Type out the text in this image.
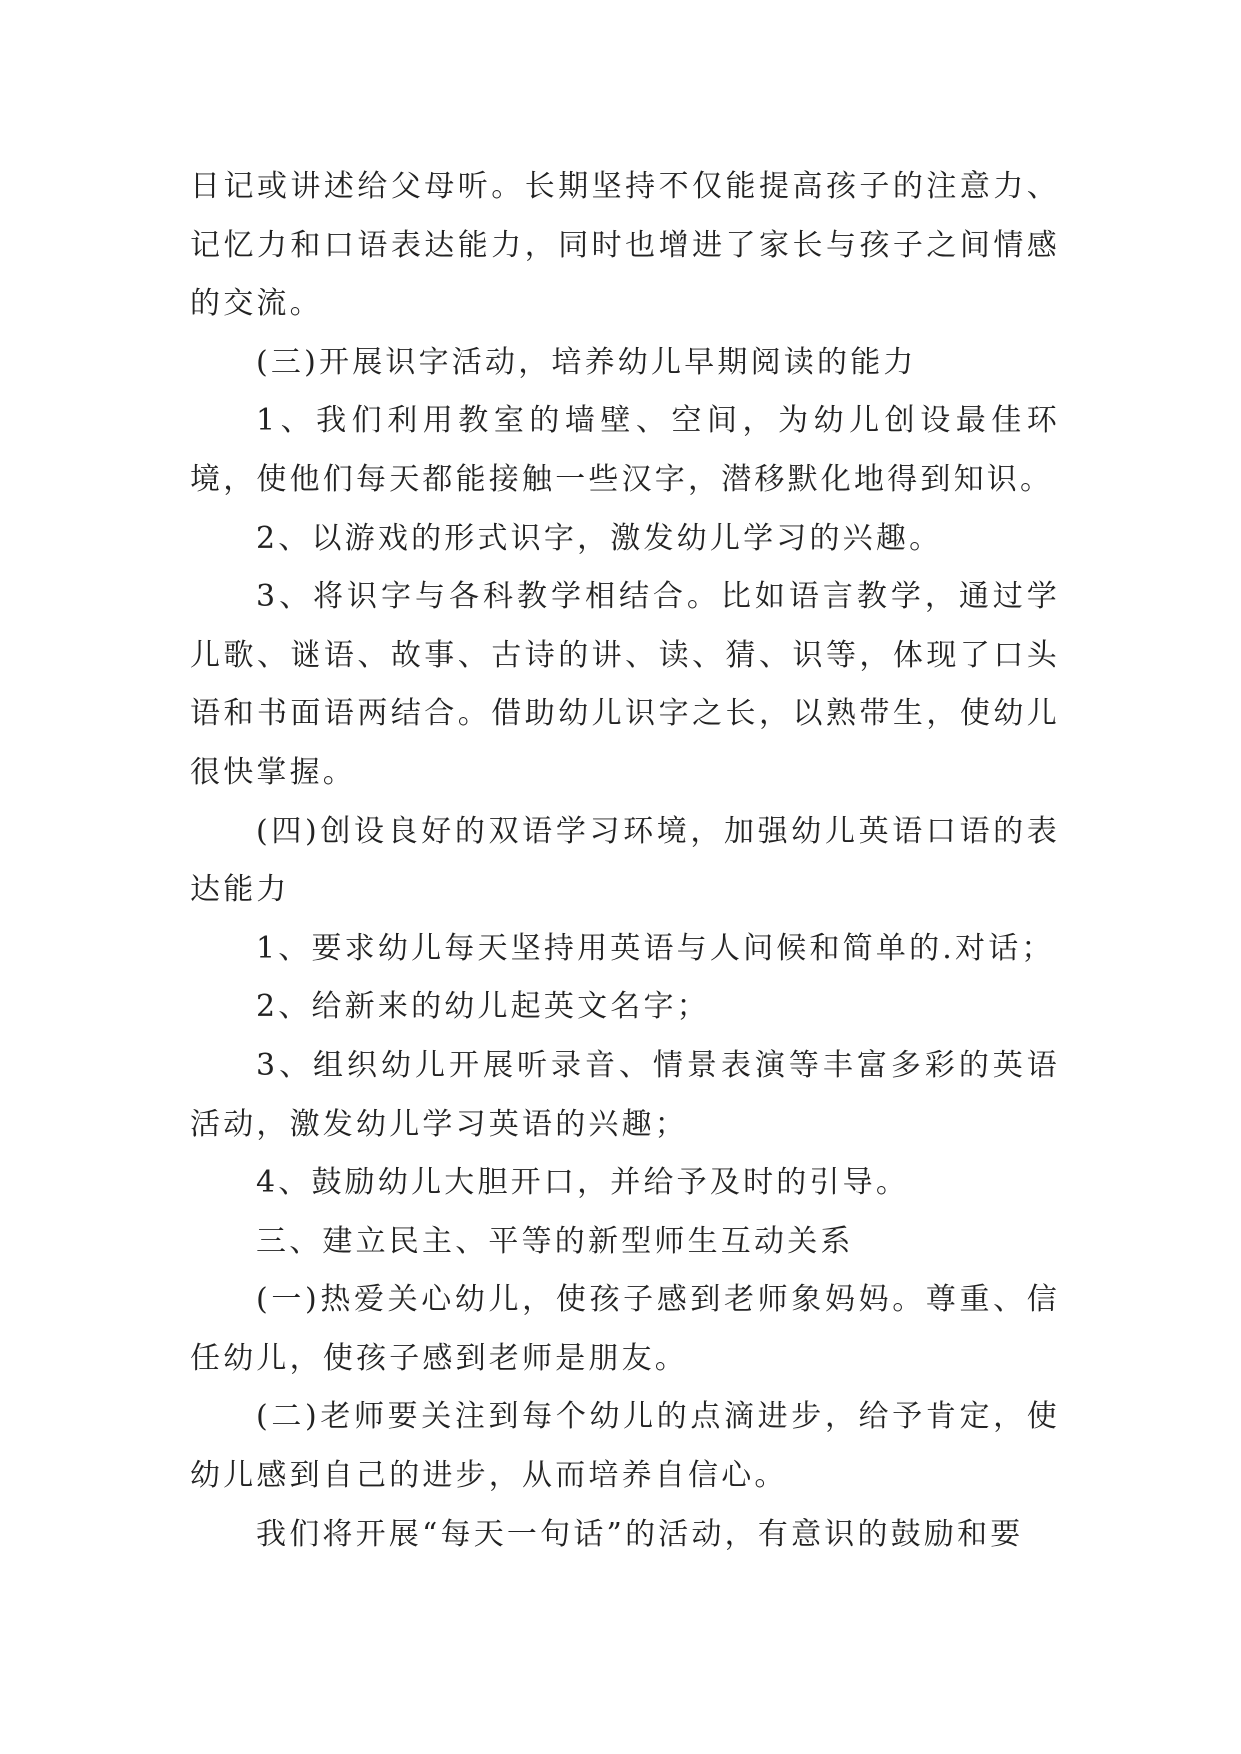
日记或讲述给父母听。长期坚持不仅能提高孩子的注意力、记忆力和口语表达能力，同时也增进了家长与孩子之间情感的交流。

(三)开展识字活动，培养幼儿早期阅读的能力

1、我们利用教室的墙壁、空间，为幼儿创设最佳环境，使他们每天都能接触一些汉字，潜移默化地得到知识。

2、以游戏的形式识字，激发幼儿学习的兴趣。

3、将识字与各科教学相结合。比如语言教学，通过学儿歌、谜语、故事、古诗的讲、读、猜、识等，体现了口头语和书面语两结合。借助幼儿识字之长，以熟带生，使幼儿很快掌握。

(四)创设良好的双语学习环境，加强幼儿英语口语的表达能力

1、要求幼儿每天坚持用英语与人问候和简单的.对话；

2、给新来的幼儿起英文名字；

3、组织幼儿开展听录音、情景表演等丰富多彩的英语活动，激发幼儿学习英语的兴趣；

4、鼓励幼儿大胆开口，并给予及时的引导。

三、建立民主、平等的新型师生互动关系

(一)热爱关心幼儿，使孩子感到老师象妈妈。尊重、信任幼儿，使孩子感到老师是朋友。

(二)老师要关注到每个幼儿的点滴进步，给予肯定，使幼儿感到自己的进步，从而培养自信心。

我们将开展“每天一句话”的活动，有意识的鼓励和要
